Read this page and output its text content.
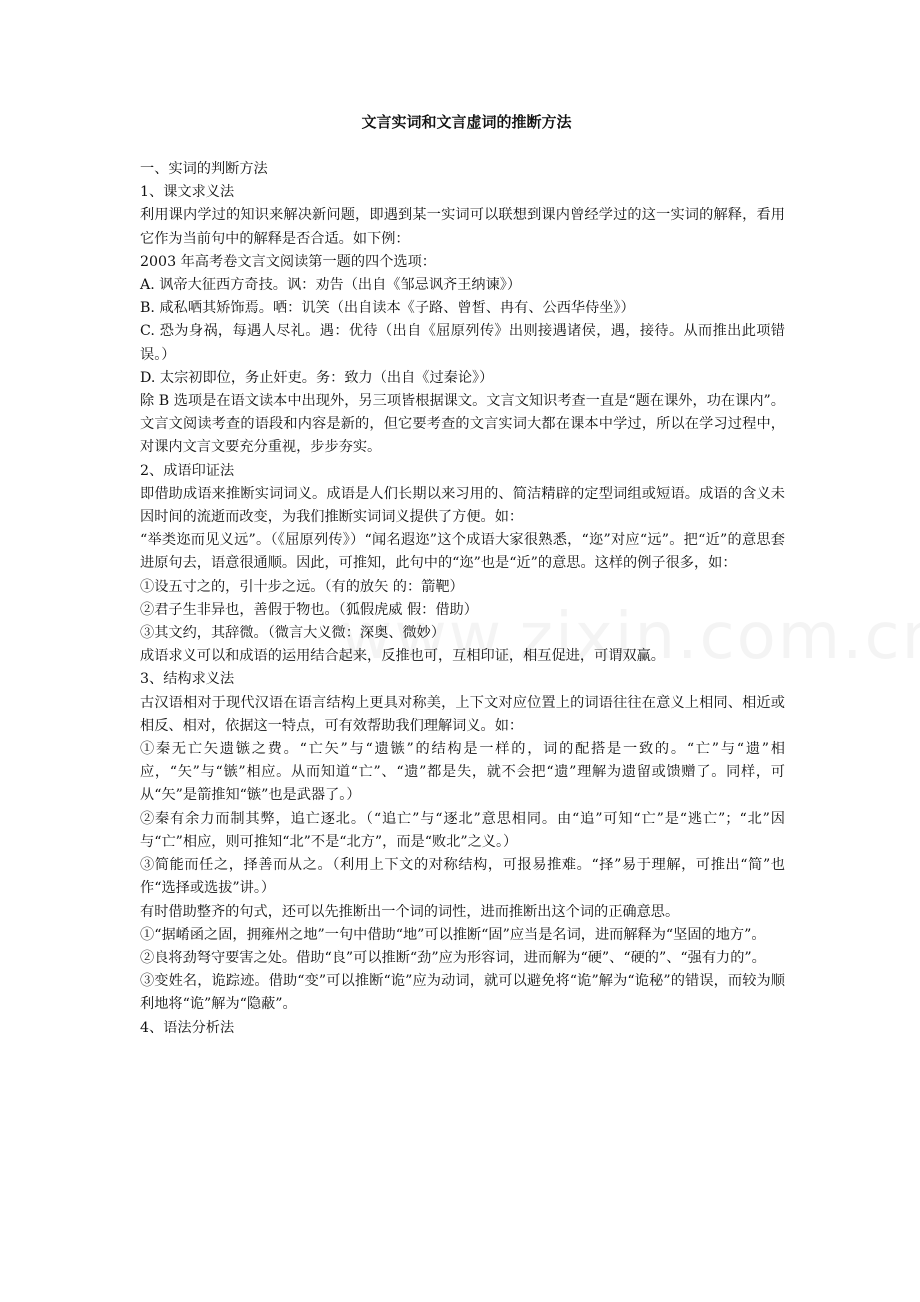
文言实词和文言虚词的推断方法

一、实词的判断方法

1、课文求义法

利用课内学过的知识来解决新问题，即遇到某一实词可以联想到课内曾经学过的这一实词的解释，看用它作为当前句中的解释是否合适。如下例：

2003 年高考卷文言文阅读第一题的四个选项：

A. 讽帝大征西方奇技。讽：劝告（出自《邹忌讽齐王纳谏》）

B. 咸私哂其矫饰焉。哂：讥笑（出自读本《子路、曾皙、冉有、公西华侍坐》）

C. 恐为身祸，每遇人尽礼。遇：优待（出自《屈原列传》出则接遇诸侯，遇，接待。从而推出此项错误。）

D. 太宗初即位，务止奸吏。务：致力（出自《过秦论》）

除 B 选项是在语文读本中出现外，另三项皆根据课文。文言文知识考查一直是“题在课外，功在课内”。文言文阅读考查的语段和内容是新的，但它要考查的文言实词大都在课本中学过，所以在学习过程中，对课内文言文要充分重视，步步夯实。

2、成语印证法

即借助成语来推断实词词义。成语是人们长期以来习用的、简洁精辟的定型词组或短语。成语的含义未因时间的流逝而改变，为我们推断实词词义提供了方便。如：

“举类迩而见义远”。（《屈原列传》）“闻名遐迩”这个成语大家很熟悉，“迩”对应“远”。把“近”的意思套进原句去，语意很通顺。因此，可推知，此句中的“迩”也是“近”的意思。这样的例子很多，如：

①设五寸之的，引十步之远。（有的放矢 的：箭靶）

②君子生非异也，善假于物也。（狐假虎威 假：借助）

③其文约，其辞微。（微言大义微：深奥、微妙）

成语求义可以和成语的运用结合起来，反推也可，互相印证，相互促进，可谓双赢。

3、结构求义法

古汉语相对于现代汉语在语言结构上更具对称美，上下文对应位置上的词语往往在意义上相同、相近或相反、相对，依据这一特点，可有效帮助我们理解词义。如：

①秦无亡矢遗镞之费。“亡矢”与“遗镞”的结构是一样的，词的配搭是一致的。“亡”与“遗”相应，“矢”与“镞”相应。从而知道“亡”、“遗”都是失，就不会把“遗”理解为遗留或馈赠了。同样，可从“矢”是箭推知“镞”也是武器了。）

②秦有余力而制其弊，追亡逐北。（“追亡”与“逐北”意思相同。由“追”可知“亡”是“逃亡”；“北”因与“亡”相应，则可推知“北”不是“北方”，而是“败北”之义。）

③简能而任之，择善而从之。（利用上下文的对称结构，可报易推难。“择”易于理解，可推出“简”也作“选择或选拔”讲。）

有时借助整齐的句式，还可以先推断出一个词的词性，进而推断出这个词的正确意思。

①“据崤函之固，拥雍州之地”一句中借助“地”可以推断“固”应当是名词，进而解释为“坚固的地方”。

②良将劲弩守要害之处。借助“良”可以推断“劲”应为形容词，进而解为“硬”、“硬的”、“强有力的”。

③变姓名，诡踪迹。借助“变”可以推断“诡”应为动词，就可以避免将“诡”解为“诡秘”的错误，而较为顺利地将“诡”解为“隐蔽”。

4、语法分析法
